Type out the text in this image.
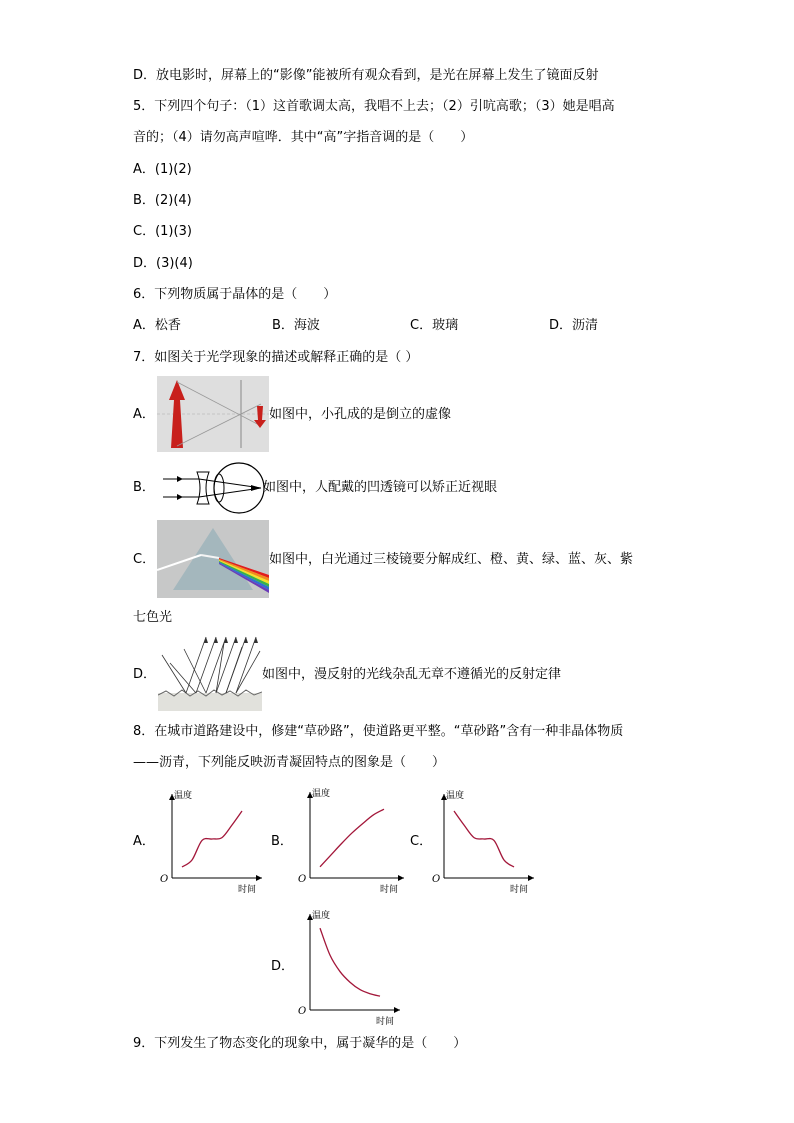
D．放电影时，屏幕上的“影像”能被所有观众看到，是光在屏幕上发生了镜面反射
5．下列四个句子：（1）这首歌调太高，我唱不上去；（2）引吭高歌；（3）她是唱高
音的；（4）请勿高声喧哗．其中“高”字指音调的是（　　）
A．(1)(2)
B．(2)(4)
C．(1)(3)
D．(3)(4)
6．下列物质属于晶体的是（　　）
A．松香	B．海波	C．玻璃	D．沥清
7．如图关于光学现象的描述或解释正确的是（ ）
A．	如图中，小孔成的是倒立的虚像
B．	如图中，人配戴的凹透镜可以矫正近视眼
C．	如图中，白光通过三棱镜要分解成红、橙、黄、绿、蓝、灰、紫
七色光
D．	如图中，漫反射的光线杂乱无章不遵循光的反射定律
8．在城市道路建设中，修建“草砂路”，使道路更平整。“草砂路”含有一种非晶体物质
——沥青，下列能反映沥青凝固特点的图象是（　　）
A．	B．	C．
D．
温度
时间
O
温度
时间
O
温度
时间
O
温度
时间
O
9．下列发生了物态变化的现象中，属于凝华的是（　　）
